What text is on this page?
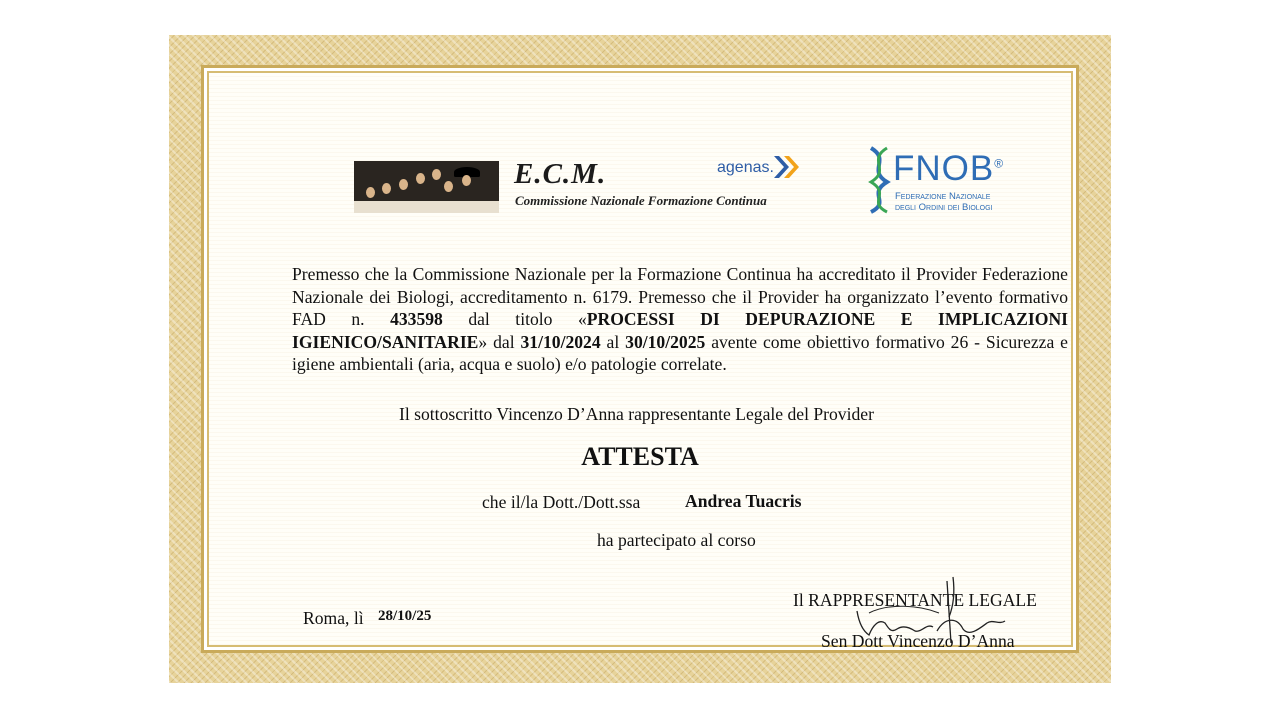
E.C.M.
Commissione Nazionale Formazione Continua
agenas.	FNOB®
Federazione Nazionale
degli Ordini dei Biologi
Premesso che la Commissione Nazionale per la Formazione Continua ha accreditato il Provider Federazione Nazionale dei Biologi, accreditamento n. 6179. Premesso che il Provider ha organizzato l’evento formativo FAD n. 433598 dal titolo «PROCESSI DI DEPURAZIONE E IMPLICAZIONI IGIENICO/SANITARIE» dal 31/10/2024 al 30/10/2025 avente come obiettivo formativo 26 - Sicurezza e igiene ambientali (aria, acqua e suolo) e/o patologie correlate.
Il sottoscritto Vincenzo D’Anna rappresentante Legale del Provider
ATTESTA
che il/la Dott./Dott.ssa	Andrea Tuacris
ha partecipato al corso
Roma, lì 28/10/25
Il RAPPRESENTANTE LEGALE
Sen Dott Vincenzo D’Anna
